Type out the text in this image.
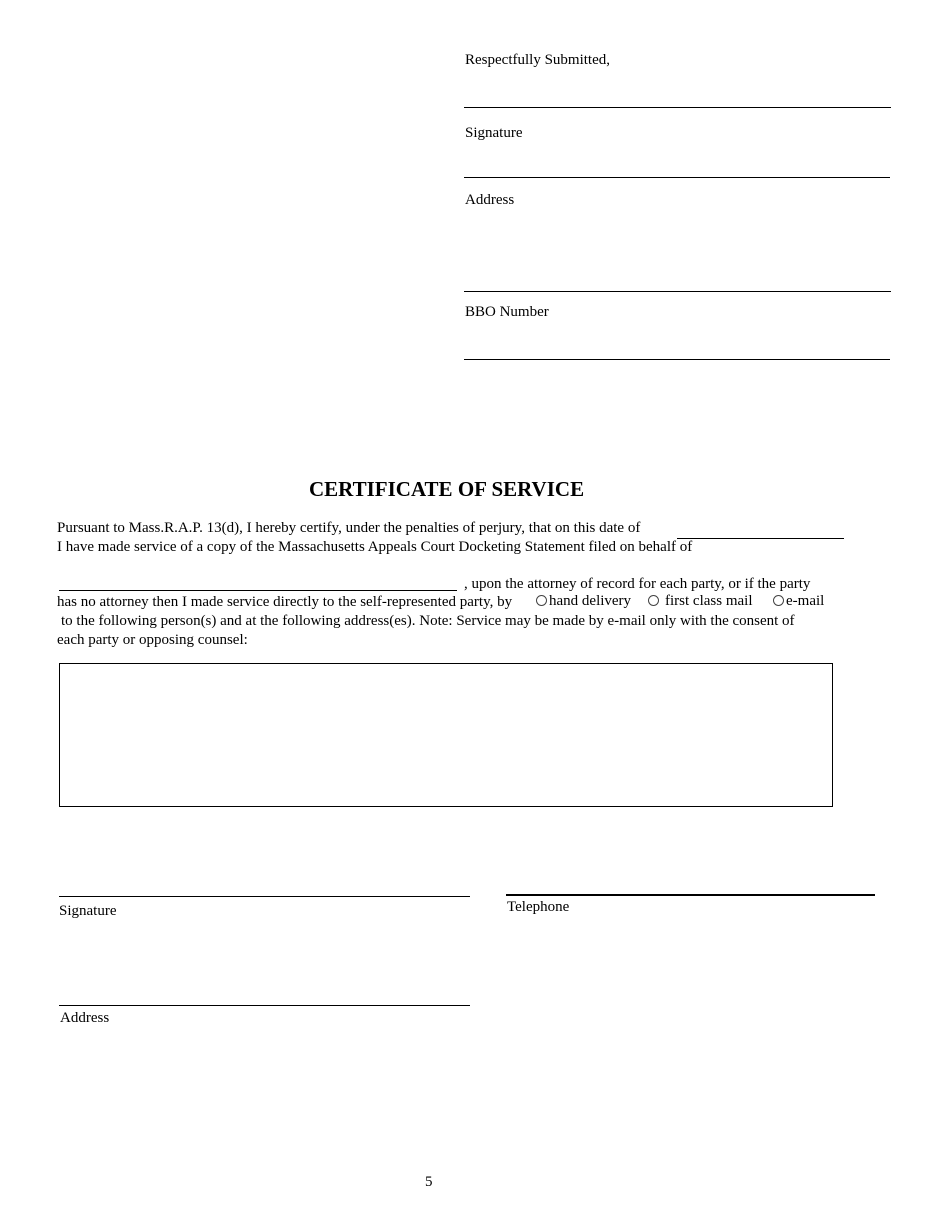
Respectfully Submitted,
Signature
Address
BBO Number
CERTIFICATE OF SERVICE
Pursuant to Mass.R.A.P. 13(d), I hereby certify, under the penalties of perjury, that on this date of
I have made service of a copy of the Massachusetts Appeals Court Docketing Statement filed on behalf of
, upon the attorney of record for each party, or if the party
has no attorney then I made service directly to the self-represented party, by	hand delivery	first class mail	e-mail
to the following person(s) and at the following address(es). Note: Service may be made by e-mail only with the consent of
each party or opposing counsel:
Signature	Telephone
Address
5
